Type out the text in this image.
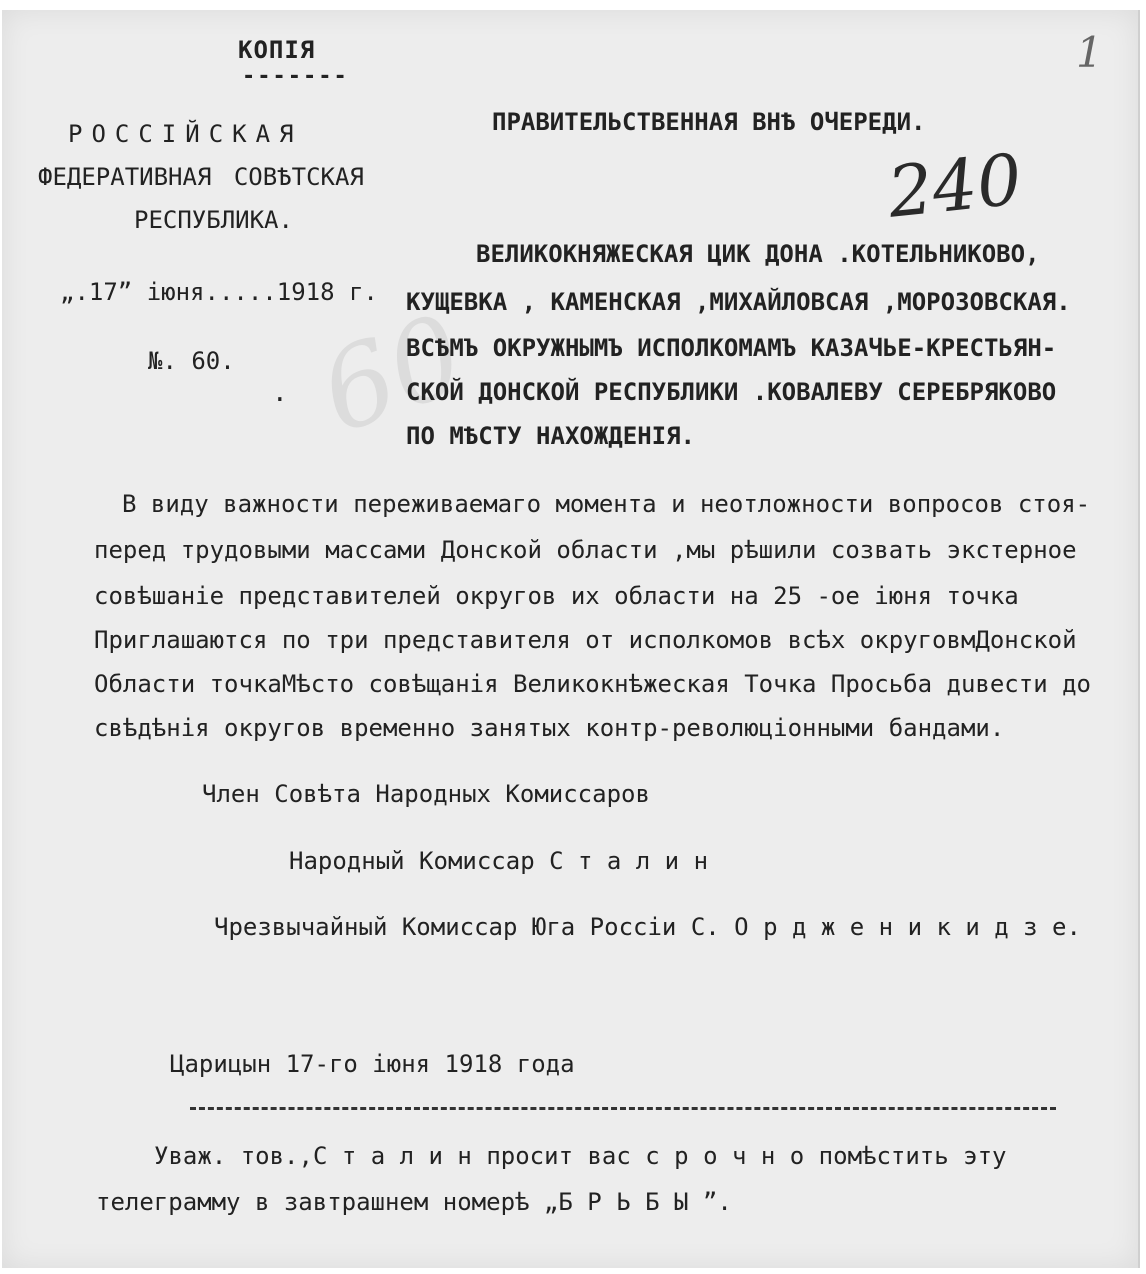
60
1
КОПIЯ
-------
РОССIЙСКАЯ
ФЕДЕРАТИВНАЯ СОВѢТСКАЯ
РЕСПУБЛИКА.
„.17” iюня.....1918 г.
№. 60.
.
ПРАВИТЕЛЬСТВЕННАЯ ВНѢ ОЧЕРЕДИ.
240
ВЕЛИКОКНЯЖЕСКАЯ ЦИК ДОНА .КОТЕЛЬНИКОВО,
КУЩЕВКА , КАМЕНСКАЯ ,МИХАЙЛОВСАЯ ,МОРОЗОВСКАЯ.
ВСѢМЪ ОКРУЖНЫМЪ ИСПОЛКОМАМЪ КАЗАЧЬЕ-КРЕСТЬЯН-
СКОЙ ДОНСКОЙ РЕСПУБЛИКИ .КОВАЛЕВУ СЕРЕБРЯКОВО
ПО МѢСТУ НАХОЖДЕНIЯ.
В виду важности переживаемаго момента и неотложности вопросов стоя-
перед трудовыми массами Донской области ,мы рѣшили созвать экстерное
совѣшанiе представителей округов их области на 25 -ое iюня точка
Приглашаются по три представителя от исполкомов всѣх округовмДонской
Области точкаМѣсто совѣщанiя Великокнѣжеская Точка Просьба дuвести до
свѣдѣнiя округов временно занятых контр-революцiонными бандами.
Член Совѣта Народных Комиссаров
Народный Комиссар С т а л и н
Чрезвычайный Комиссар Юга Россiи С. О р д ж е н и к и д з е.
Царицын 17-го iюня 1918 года
Уваж. тов.,С т а л и н просит вас с р о ч н о помѣстить эту
телеграмму в завтрашнем номерѣ „Б Р Ь Б Ы ”.
